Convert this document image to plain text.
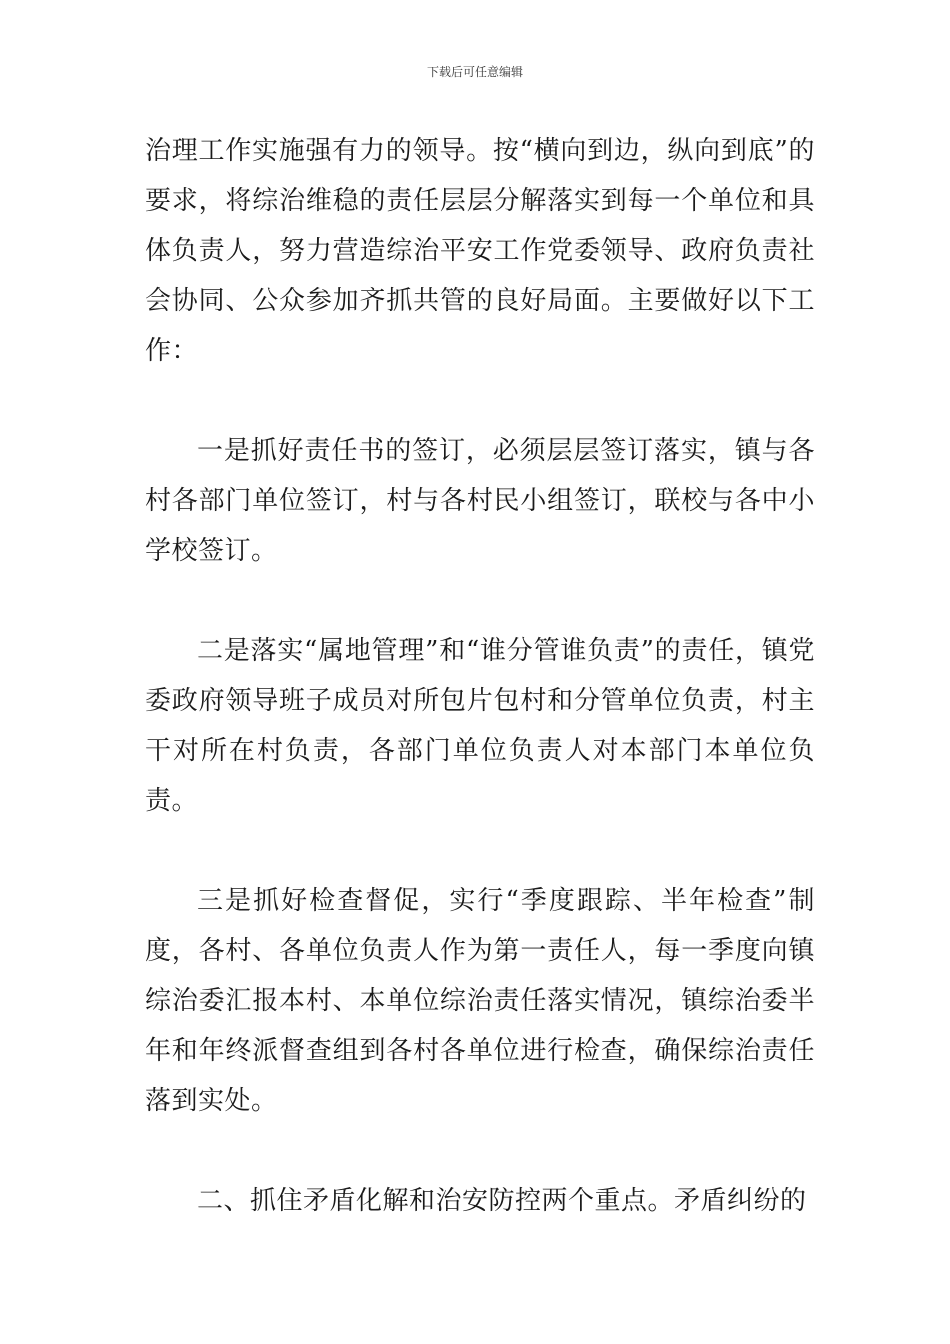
下载后可任意编辑

治理工作实施强有力的领导。按“横向到边，纵向到底”的要求，将综治维稳的责任层层分解落实到每一个单位和具体负责人，努力营造综治平安工作党委领导、政府负责社会协同、公众参加齐抓共管的良好局面。主要做好以下工作：

一是抓好责任书的签订，必须层层签订落实，镇与各村各部门单位签订，村与各村民小组签订，联校与各中小学校签订。

二是落实“属地管理”和“谁分管谁负责”的责任，镇党委政府领导班子成员对所包片包村和分管单位负责，村主干对所在村负责，各部门单位负责人对本部门本单位负责。

三是抓好检查督促，实行“季度跟踪、半年检查”制度，各村、各单位负责人作为第一责任人，每一季度向镇综治委汇报本村、本单位综治责任落实情况，镇综治委半年和年终派督查组到各村各单位进行检查，确保综治责任落到实处。

二、抓住矛盾化解和治安防控两个重点。矛盾纠纷的
